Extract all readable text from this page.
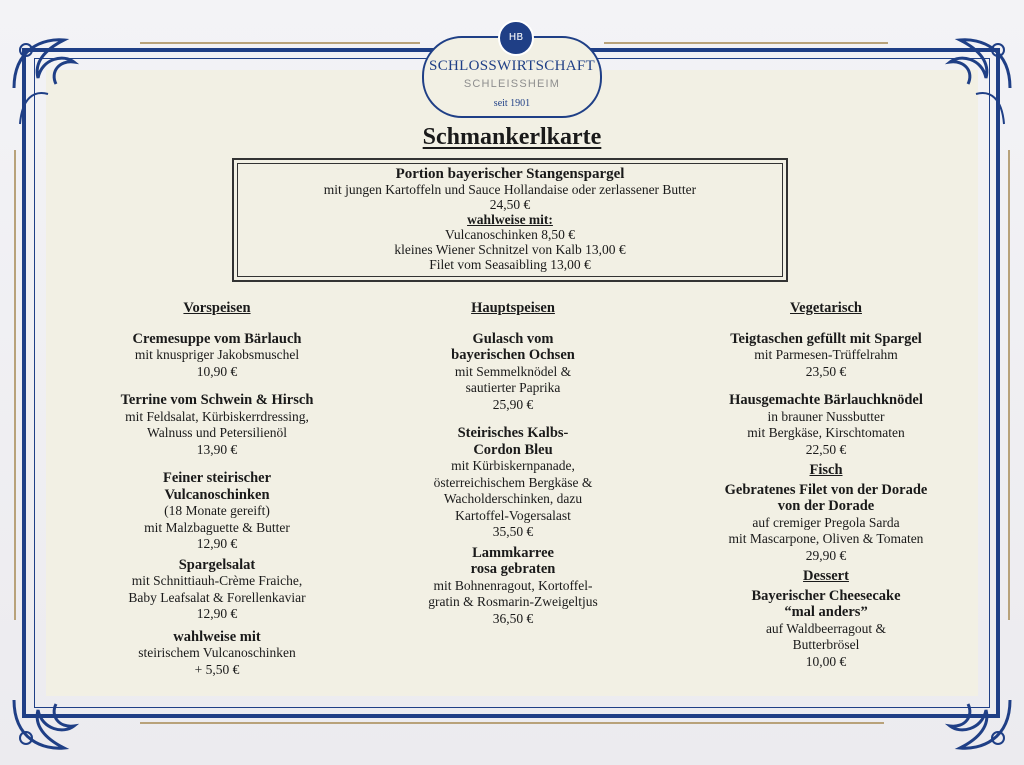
HB
SCHLOSSWIRTSCHAFT
SCHLEISSHEIM
seit 1901
Schmankerlkarte
Portion bayerischer Stangenspargel
mit jungen Kartoffeln und Sauce Hollandaise oder zerlassener Butter
24,50 €
wahlweise mit:
Vulcanoschinken 8,50 €
kleines Wiener Schnitzel von Kalb 13,00 €
Filet vom Seasaibling 13,00 €
Vorspeisen
Cremesuppe vom Bärlauch
mit knuspriger Jakobsmuschel
10,90 €
Terrine vom Schwein & Hirsch
mit Feldsalat, Kürbiskerrdressing,
Walnuss und Petersilienöl
13,90 €
Feiner steirischer
Vulcanoschinken
(18 Monate gereift)
mit Malzbaguette & Butter
12,90 €
Spargelsalat
mit Schnittiauh-Crème Fraiche,
Baby Leafsalat & Forellenkaviar
12,90 €
wahlweise mit
steirischem Vulcanoschinken
+ 5,50 €
Hauptspeisen
Gulasch vom
bayerischen Ochsen
mit Semmelknödel &
sautierter Paprika
25,90 €
Steirisches Kalbs-
Cordon Bleu
mit Kürbiskernpanade,
österreichischem Bergkäse &
Wacholderschinken, dazu
Kartoffel-Vogersalast
35,50 €
Lammkarree
rosa gebraten
mit Bohnenragout, Kortoffel-
gratin & Rosmarin-Zweigeltjus
36,50 €
Vegetarisch
Teigtaschen gefüllt mit Spargel
mit Parmesen-Trüffelrahm
23,50 €
Hausgemachte Bärlauchknödel
in brauner Nussbutter
mit Bergkäse, Kirschtomaten
22,50 €
Fisch
Gebratenes Filet von der Dorade
von der Dorade
auf cremiger Pregola Sarda
mit Mascarpone, Oliven & Tomaten
29,90 €
Dessert
Bayerischer Cheesecake
“mal anders”
auf Waldbeerragout &
Butterbrösel
10,00 €
